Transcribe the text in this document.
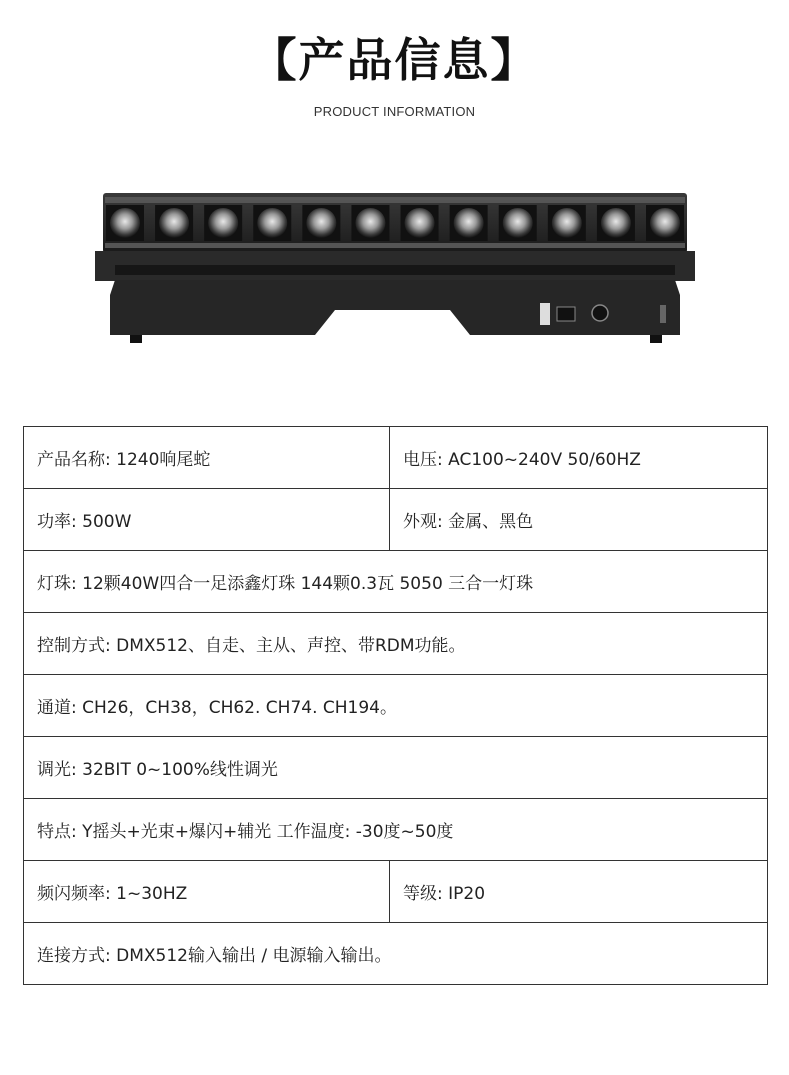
【产品信息】
PRODUCT INFORMATION
产品名称: 1240响尾蛇	电压: AC100~240V 50/60HZ
功率: 500W	外观: 金属、黑色
灯珠: 12颗40W四合一足添鑫灯珠 144颗0.3瓦 5050 三合一灯珠	
控制方式: DMX512、自走、主从、声控、带RDM功能。	
通道: CH26，CH38，CH62. CH74. CH194。	
调光: 32BIT 0~100%线性调光	
特点: Y摇头+光束+爆闪+辅光 工作温度: -30度~50度	
频闪频率: 1~30HZ	等级: IP20
连接方式: DMX512输入输出 / 电源输入输出。	
